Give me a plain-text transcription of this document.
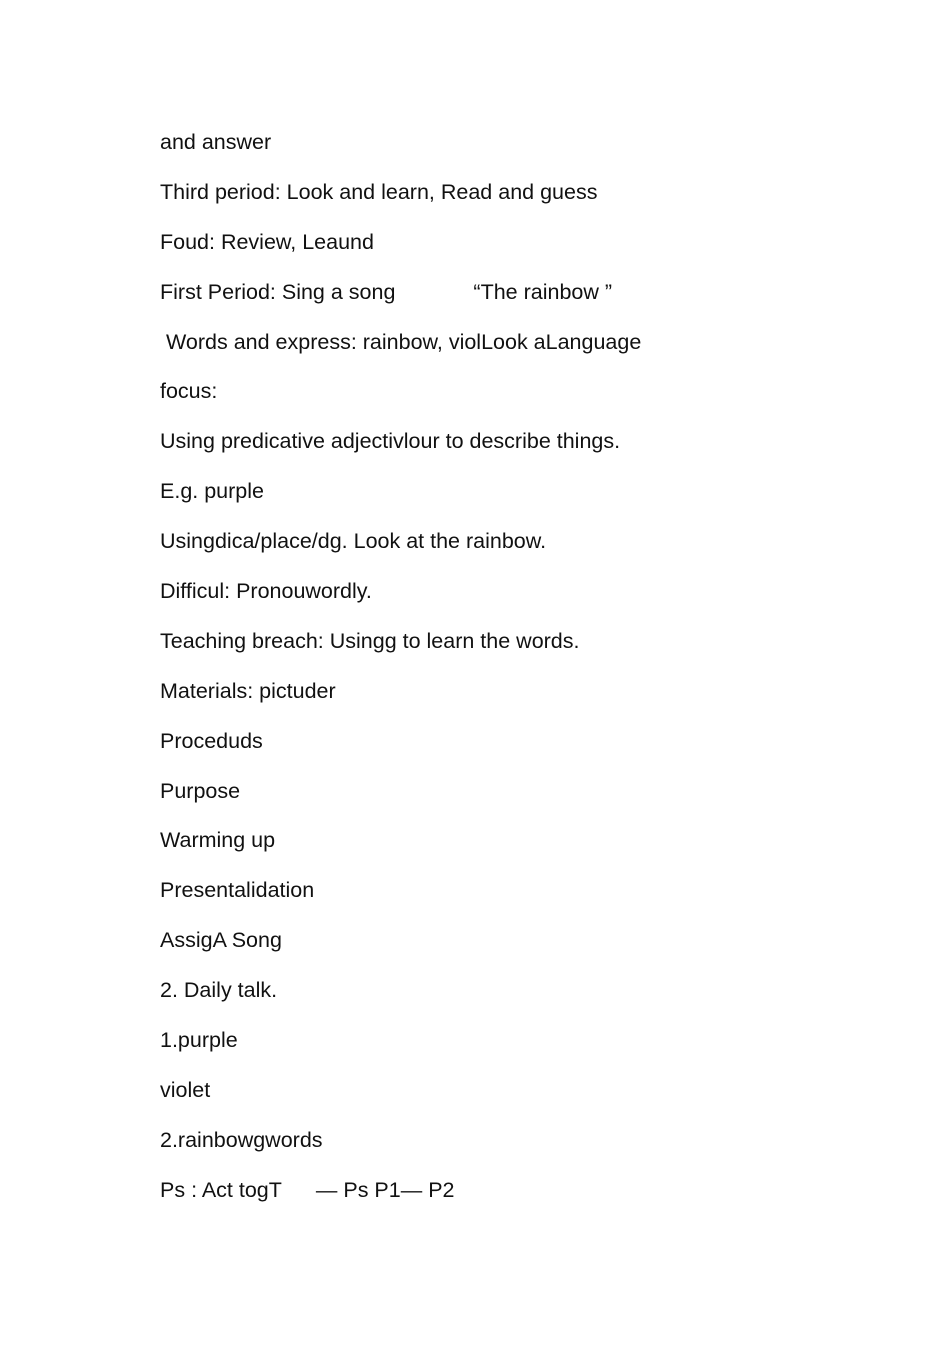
and answer
Third period: Look and learn, Read and guess
Foud: Review, Leaund
First Period: Sing a song	“The rainbow ”
Words and express: rainbow, violLook aLanguage
focus:
Using predicative adjectivlour to describe things.
E.g. purple
Usingdica/place/dg. Look at the rainbow.
Difficul: Pronouwordly.
Teaching breach: Usingg to learn the words.
Materials: pictuder
Proceduds
Purpose
Warming up
Presentalidation
AssigA Song
2. Daily talk.
1.purple
violet
2.rainbowgwords
Ps : Act togT — Ps P1— P2
